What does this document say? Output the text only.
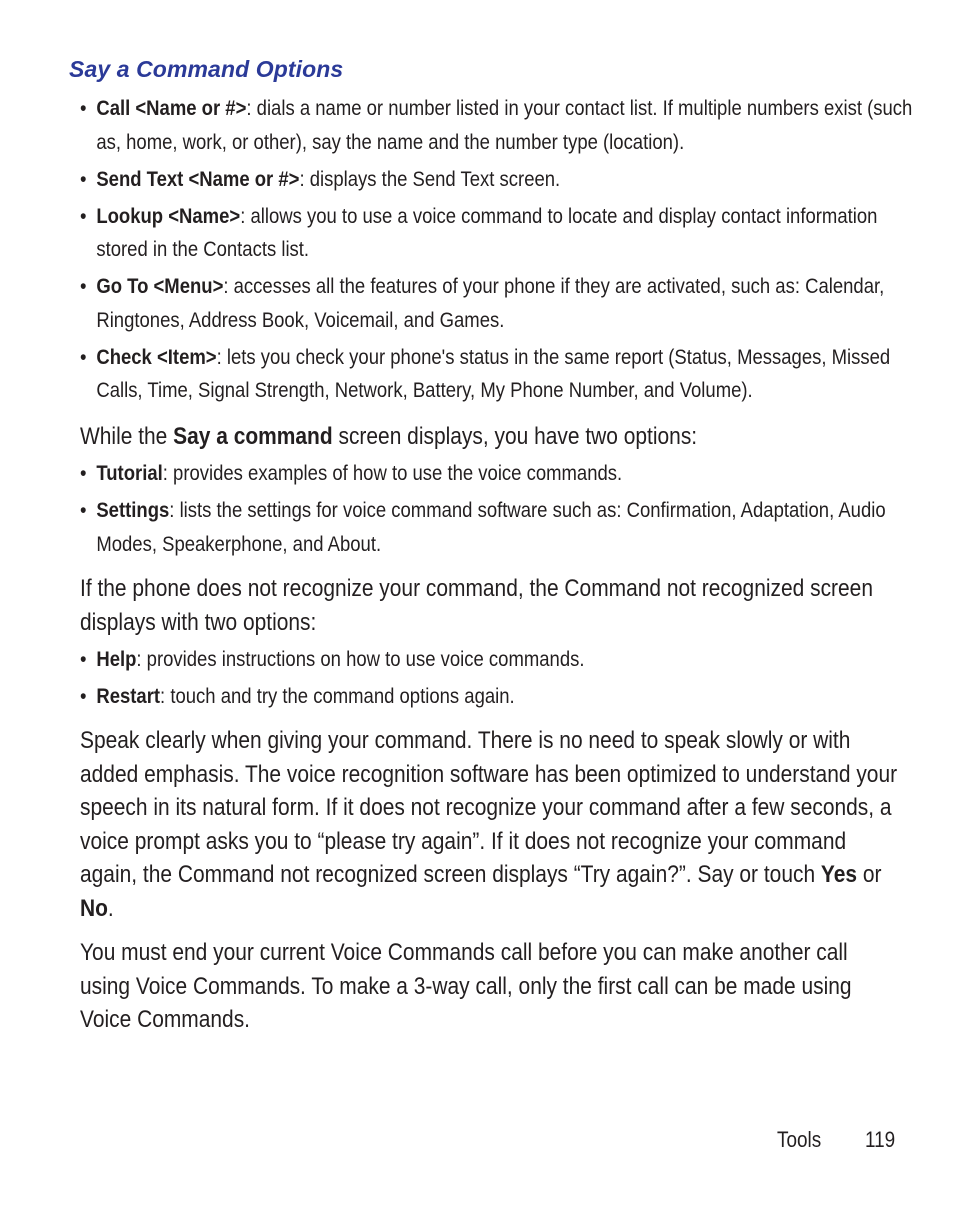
Say a Command Options
• Call <Name or #>: dials a name or number listed in your contact list. If multiple numbers exist (such as, home, work, or other), say the name and the number type (location).
• Send Text <Name or #>: displays the Send Text screen.
• Lookup <Name>: allows you to use a voice command to locate and display contact information stored in the Contacts list.
• Go To <Menu>: accesses all the features of your phone if they are activated, such as: Calendar, Ringtones, Address Book, Voicemail, and Games.
• Check <Item>: lets you check your phone's status in the same report (Status, Messages, Missed Calls, Time, Signal Strength, Network, Battery, My Phone Number, and Volume).

While the Say a command screen displays, you have two options:

• Tutorial: provides examples of how to use the voice commands.
• Settings: lists the settings for voice command software such as: Confirmation, Adaptation, Audio Modes, Speakerphone, and About.

If the phone does not recognize your command, the Command not recognized screen displays with two options:

• Help: provides instructions on how to use voice commands.
• Restart: touch and try the command options again.

Speak clearly when giving your command. There is no need to speak slowly or with added emphasis. The voice recognition software has been optimized to understand your speech in its natural form. If it does not recognize your command after a few seconds, a voice prompt asks you to “please try again”. If it does not recognize your command again, the Command not recognized screen displays “Try again?”. Say or touch Yes or No.

You must end your current Voice Commands call before you can make another call using Voice Commands. To make a 3-way call, only the first call can be made using Voice Commands.

Tools 119
